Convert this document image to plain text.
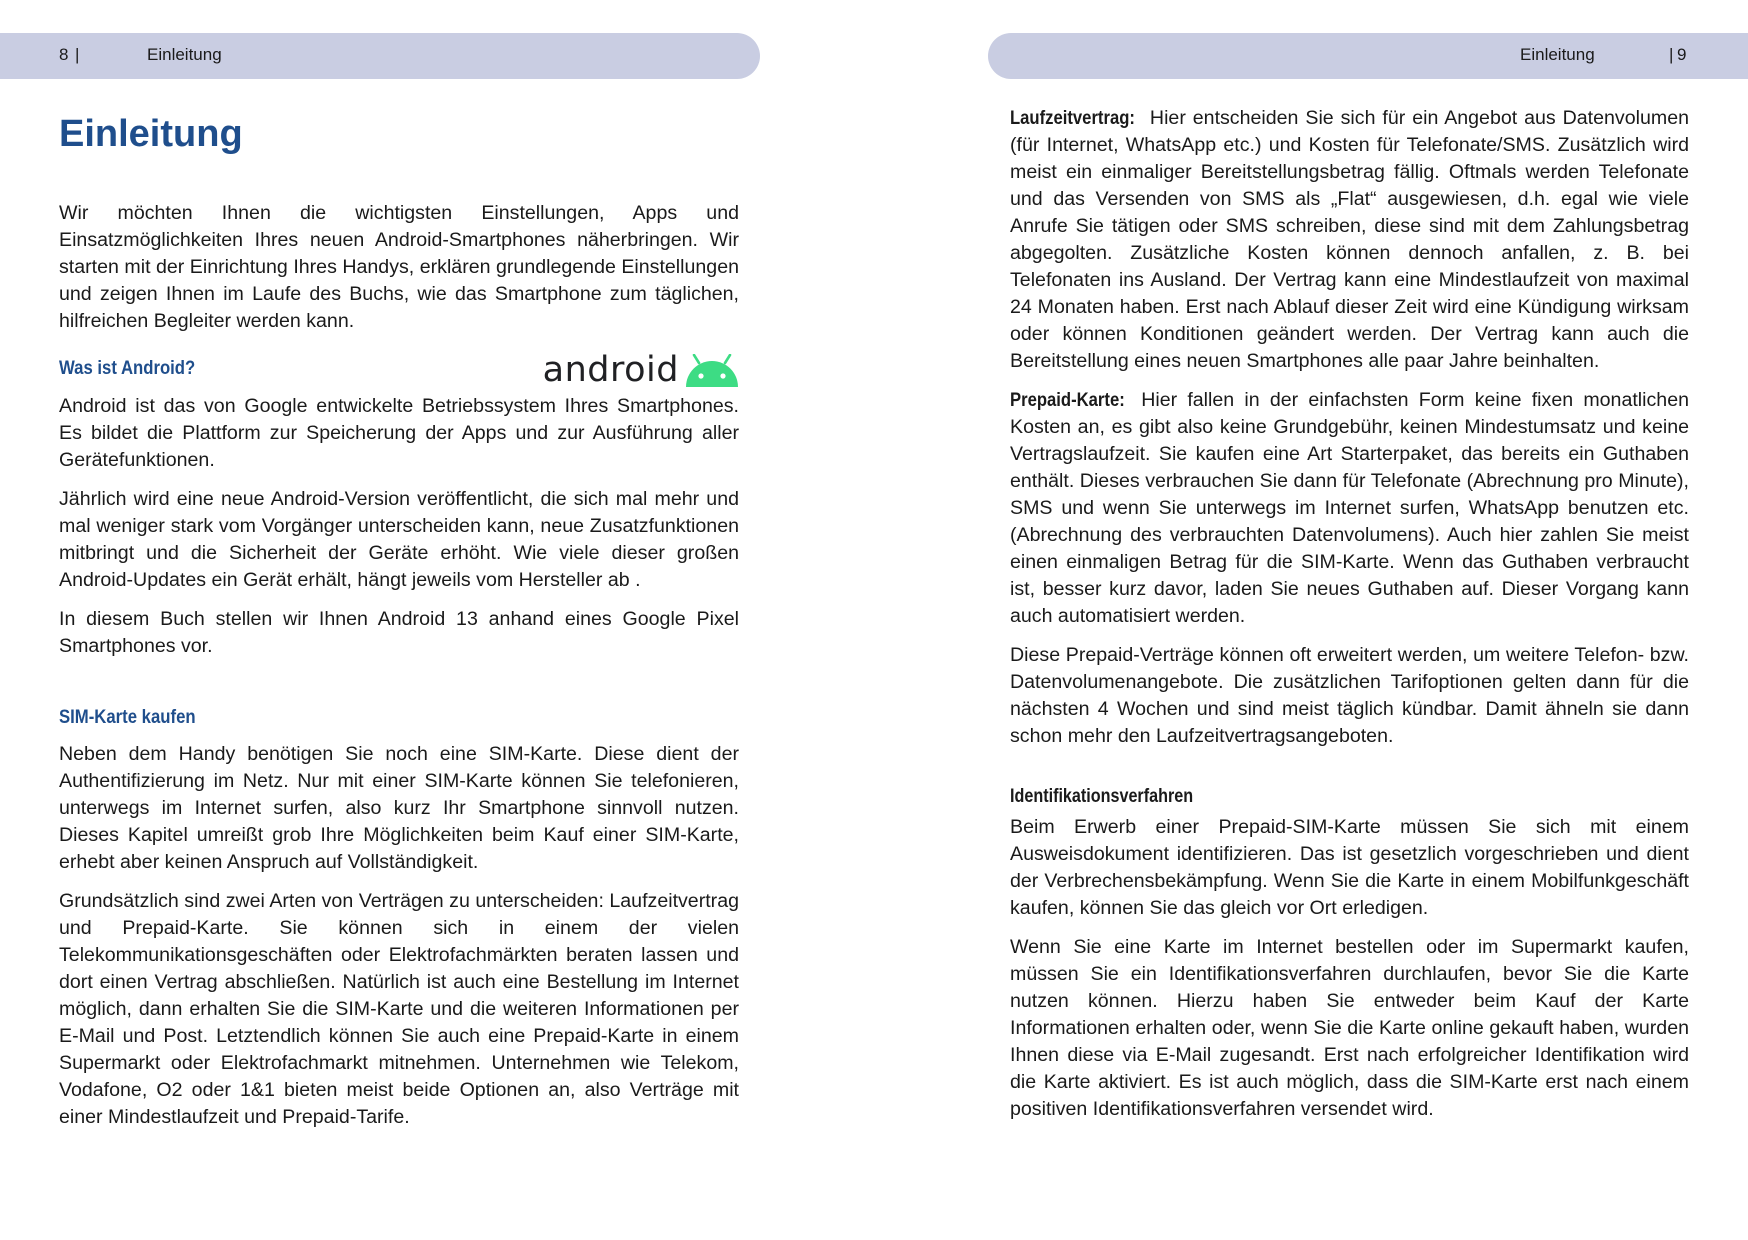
8 |	Einleitung	Einleitung	| 9
Einleitung

Wir möchten Ihnen die wichtigsten Einstellungen, Apps und Einsatzmöglichkeiten Ihres neuen Android-Smartphones näherbringen. Wir starten mit der Einrichtung Ihres Handys, erklären grundlegende Einstellungen und zeigen Ihnen im Laufe des Buchs, wie das Smartphone zum täglichen, hilfreichen Begleiter werden kann.

Was ist Android?	android

Android ist das von Google entwickelte Betriebssystem Ihres Smartphones. Es bildet die Plattform zur Speicherung der Apps und zur Ausführung aller Gerätefunktionen.

Jährlich wird eine neue Android-Version veröffentlicht, die sich mal mehr und mal weniger stark vom Vorgänger unterscheiden kann, neue Zusatzfunktionen mitbringt und die Sicherheit der Geräte erhöht. Wie viele dieser großen Android-Updates ein Gerät erhält, hängt jeweils vom Hersteller ab .

In diesem Buch stellen wir Ihnen Android 13 anhand eines Google Pixel Smartphones vor.

SIM-Karte kaufen

Neben dem Handy benötigen Sie noch eine SIM-Karte. Diese dient der Authentifizierung im Netz. Nur mit einer SIM-Karte können Sie telefonieren, unterwegs im Internet surfen, also kurz Ihr Smartphone sinnvoll nutzen. Dieses Kapitel umreißt grob Ihre Möglichkeiten beim Kauf einer SIM-Karte, erhebt aber keinen Anspruch auf Vollständigkeit.

Grundsätzlich sind zwei Arten von Verträgen zu unterscheiden: Laufzeitvertrag und Prepaid-Karte. Sie können sich in einem der vielen Telekommunikationsgeschäften oder Elektrofachmärkten beraten lassen und dort einen Vertrag abschließen. Natürlich ist auch eine Bestellung im Internet möglich, dann erhalten Sie die SIM-Karte und die weiteren Informationen per E-Mail und Post. Letztendlich können Sie auch eine Prepaid-Karte in einem Supermarkt oder Elektrofachmarkt mitnehmen. Unternehmen wie Telekom, Vodafone, O2 oder 1&1 bieten meist beide Optionen an, also Verträge mit einer Mindestlaufzeit und Prepaid-Tarife.

Laufzeitvertrag: Hier entscheiden Sie sich für ein Angebot aus Datenvolumen (für Internet, WhatsApp etc.) und Kosten für Telefonate/SMS. Zusätzlich wird meist ein einmaliger Bereitstellungsbetrag fällig. Oftmals werden Telefonate und das Versenden von SMS als „Flat“ ausgewiesen, d.h. egal wie viele Anrufe Sie tätigen oder SMS schreiben, diese sind mit dem Zahlungsbetrag abgegolten. Zusätzliche Kosten können dennoch anfallen, z. B. bei Telefonaten ins Ausland. Der Vertrag kann eine Mindestlaufzeit von maximal 24 Monaten haben. Erst nach Ablauf dieser Zeit wird eine Kündigung wirksam oder können Konditionen geändert werden. Der Vertrag kann auch die Bereitstellung eines neuen Smartphones alle paar Jahre beinhalten.

Prepaid-Karte: Hier fallen in der einfachsten Form keine fixen monatlichen Kosten an, es gibt also keine Grundgebühr, keinen Mindestumsatz und keine Vertragslaufzeit. Sie kaufen eine Art Starterpaket, das bereits ein Guthaben enthält. Dieses verbrauchen Sie dann für Telefonate (Abrechnung pro Minute), SMS und wenn Sie unterwegs im Internet surfen, WhatsApp benutzen etc. (Abrechnung des verbrauchten Datenvolumens). Auch hier zahlen Sie meist einen einmaligen Betrag für die SIM-Karte. Wenn das Guthaben verbraucht ist, besser kurz davor, laden Sie neues Guthaben auf. Dieser Vorgang kann auch automatisiert werden.

Diese Prepaid-Verträge können oft erweitert werden, um weitere Telefon- bzw. Datenvolumenangebote. Die zusätzlichen Tarifoptionen gelten dann für die nächsten 4 Wochen und sind meist täglich kündbar. Damit ähneln sie dann schon mehr den Laufzeitvertragsangeboten.

Identifikationsverfahren

Beim Erwerb einer Prepaid-SIM-Karte müssen Sie sich mit einem Ausweisdokument identifizieren. Das ist gesetzlich vorgeschrieben und dient der Verbrechensbekämpfung. Wenn Sie die Karte in einem Mobilfunkgeschäft kaufen, können Sie das gleich vor Ort erledigen.

Wenn Sie eine Karte im Internet bestellen oder im Supermarkt kaufen, müssen Sie ein Identifikationsverfahren durchlaufen, bevor Sie die Karte nutzen können. Hierzu haben Sie entweder beim Kauf der Karte Informationen erhalten oder, wenn Sie die Karte online gekauft haben, wurden Ihnen diese via E-Mail zugesandt. Erst nach erfolgreicher Identifikation wird die Karte aktiviert. Es ist auch möglich, dass die SIM-Karte erst nach einem positiven Identifikationsverfahren versendet wird.
